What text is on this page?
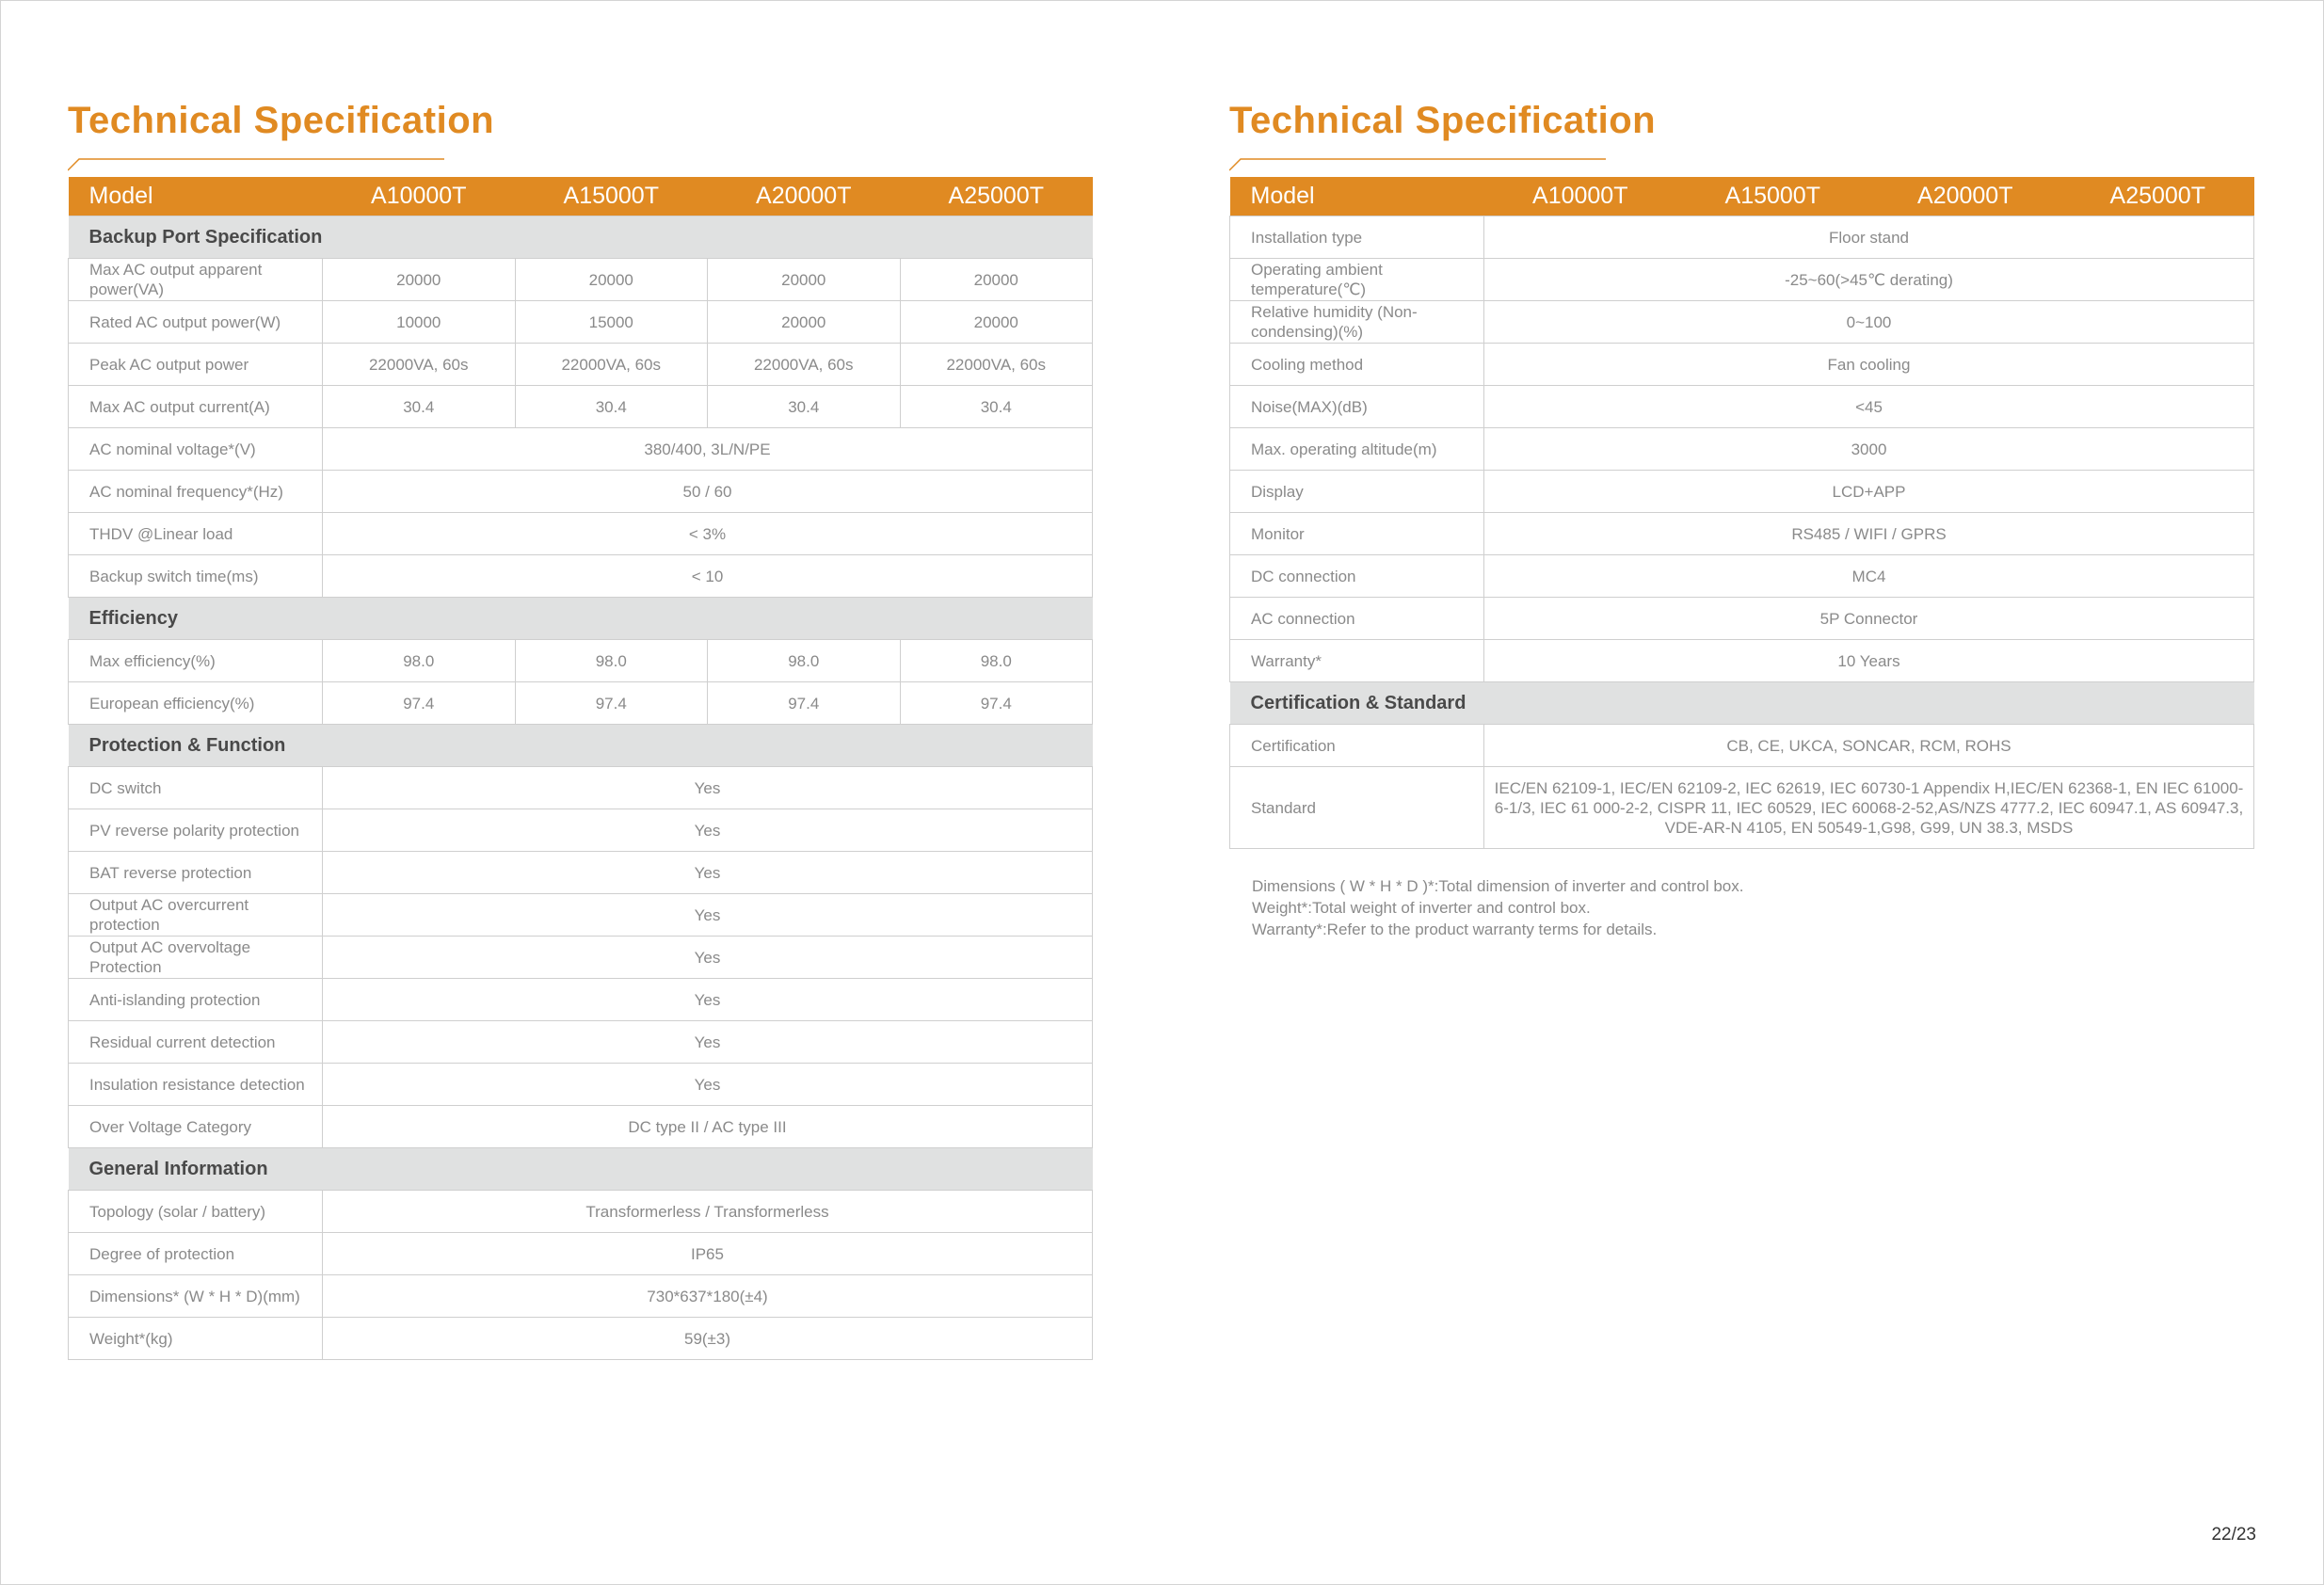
Technical Specification
Model	A10000T	A15000T	A20000T	A25000T
Backup Port Specification				
Max AC output apparent power(VA)	20000	20000	20000	20000
Rated AC output power(W)	10000	15000	20000	20000
Peak AC output power	22000VA, 60s	22000VA, 60s	22000VA, 60s	22000VA, 60s
Max AC output current(A)	30.4	30.4	30.4	30.4
AC nominal voltage*(V)	380/400, 3L/N/PE			
AC nominal frequency*(Hz)	50 / 60			
THDV @Linear load	< 3%			
Backup switch time(ms)	< 10			
Efficiency				
Max efficiency(%)	98.0	98.0	98.0	98.0
European efficiency(%)	97.4	97.4	97.4	97.4
Protection & Function				
DC switch	Yes			
PV reverse polarity protection	Yes			
BAT reverse protection	Yes			
Output AC overcurrent protection	Yes			
Output AC overvoltage Protection	Yes			
Anti-islanding protection	Yes			
Residual current detection	Yes			
Insulation resistance detection	Yes			
Over Voltage Category	DC type II / AC type III			
General Information				
Topology (solar / battery)	Transformerless / Transformerless			
Degree of protection	IP65			
Dimensions* (W * H * D)(mm)	730*637*180(±4)			
Weight*(kg)	59(±3)			
Technical Specification
Model	A10000T	A15000T	A20000T	A25000T
Installation type	Floor stand			
Operating ambient temperature(℃)	-25~60(>45℃ derating)			
Relative humidity (Non-condensing)(%)	0~100			
Cooling method	Fan cooling			
Noise(MAX)(dB)	<45			
Max. operating altitude(m)	3000			
Display	LCD+APP			
Monitor	RS485 / WIFI / GPRS			
DC connection	MC4			
AC connection	5P Connector			
Warranty*	10 Years			
Certification & Standard				
Certification	CB, CE, UKCA, SONCAR, RCM, ROHS			
Standard	IEC/EN 62109-1, IEC/EN 62109-2, IEC 62619, IEC 60730-1 Appendix H,IEC/EN 62368-1, EN IEC 61000-6-1/3, IEC 61 000-2-2, CISPR 11, IEC 60529, IEC 60068-2-52,AS/NZS 4777.2, IEC 60947.1, AS 60947.3, VDE-AR-N 4105, EN 50549-1,G98, G99, UN 38.3, MSDS			
Dimensions ( W * H * D )*:Total dimension of inverter and control box.
Weight*:Total weight of inverter and control box.
Warranty*:Refer to the product warranty terms for details.
22/23
